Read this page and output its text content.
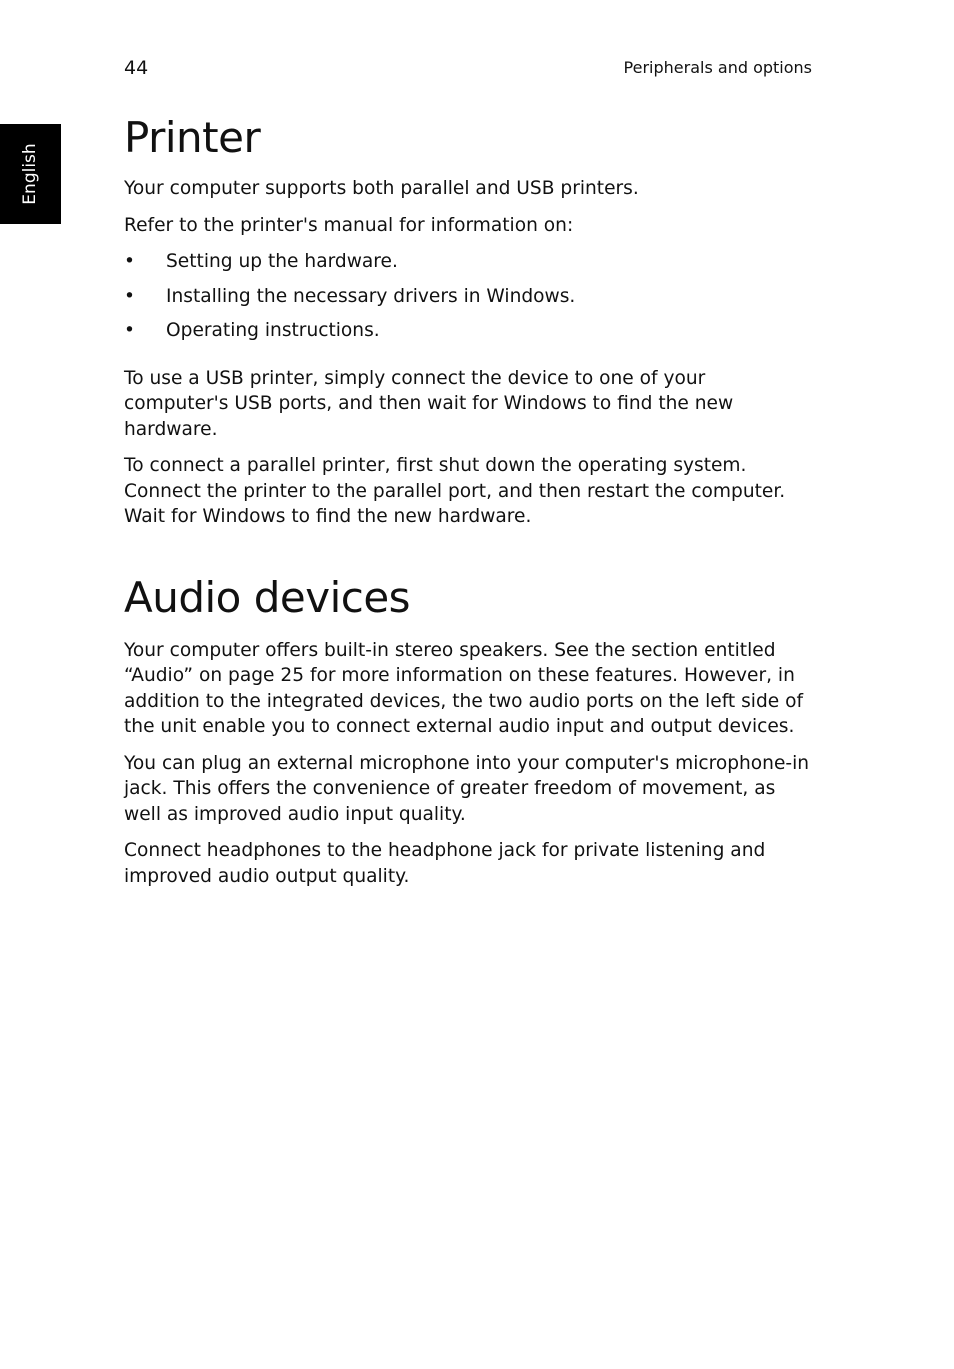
44	Peripherals and options
English
Printer

Your computer supports both parallel and USB printers.

Refer to the printer's manual for information on:

• Setting up the hardware.
• Installing the necessary drivers in Windows.
• Operating instructions.

To use a USB printer, simply connect the device to one of your computer's USB ports, and then wait for Windows to find the new hardware.

To connect a parallel printer, first shut down the operating system. Connect the printer to the parallel port, and then restart the computer. Wait for Windows to find the new hardware.

Audio devices

Your computer offers built-in stereo speakers. See the section entitled “Audio” on page 25 for more information on these features. However, in addition to the integrated devices, the two audio ports on the left side of the unit enable you to connect external audio input and output devices.

You can plug an external microphone into your computer's microphone-in jack. This offers the convenience of greater freedom of movement, as well as improved audio input quality.

Connect headphones to the headphone jack for private listening and improved audio output quality.
